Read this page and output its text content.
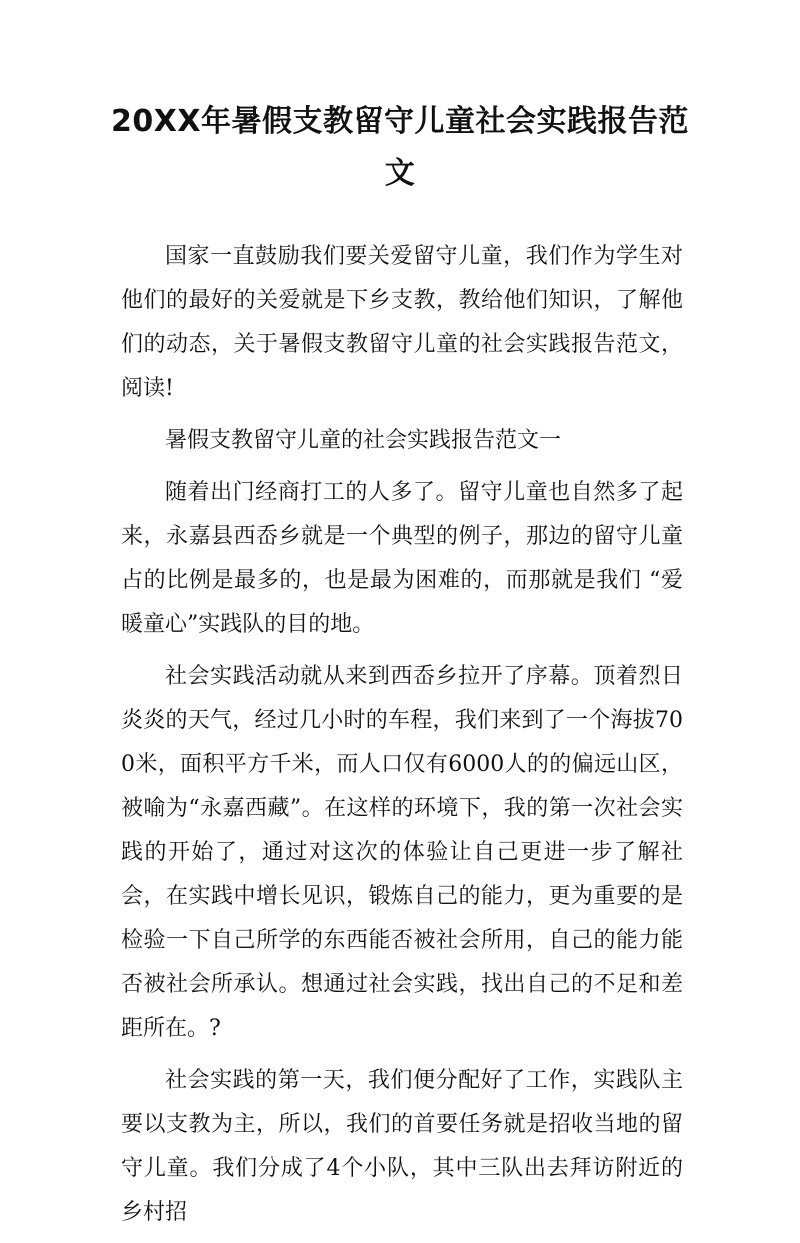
20XX年暑假支教留守儿童社会实践报告范
文

国家一直鼓励我们要关爱留守儿童，我们作为学生对他们的最好的关爱就是下乡支教，教给他们知识，了解他们的动态，关于暑假支教留守儿童的社会实践报告范文，阅读!

暑假支教留守儿童的社会实践报告范文一

随着出门经商打工的人多了。留守儿童也自然多了起来，永嘉县西岙乡就是一个典型的例子，那边的留守儿童占的比例是最多的，也是最为困难的，而那就是我们 “爱暖童心”实践队的目的地。

社会实践活动就从来到西岙乡拉开了序幕。顶着烈日炎炎的天气，经过几小时的车程，我们来到了一个海拔700米，面积平方千米，而人口仅有6000人的的偏远山区，被喻为“永嘉西藏”。在这样的环境下，我的第一次社会实践的开始了，通过对这次的体验让自己更进一步了解社会，在实践中增长见识，锻炼自己的能力，更为重要的是检验一下自己所学的东西能否被社会所用，自己的能力能否被社会所承认。想通过社会实践，找出自己的不足和差距所在。?

社会实践的第一天，我们便分配好了工作，实践队主要以支教为主，所以，我们的首要任务就是招收当地的留守儿童。我们分成了4个小队，其中三队出去拜访附近的乡村招
